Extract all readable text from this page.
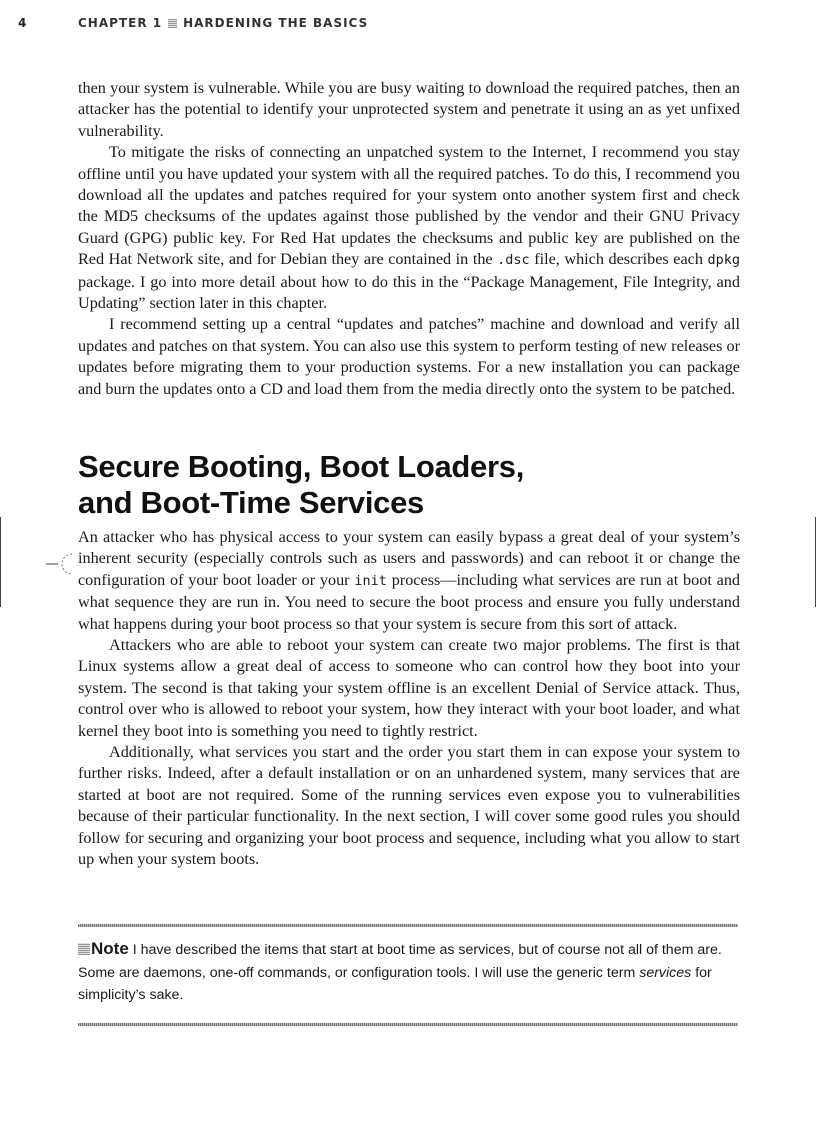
4	CHAPTER 1 HARDENING THE BASICS

then your system is vulnerable. While you are busy waiting to download the required patches, then an attacker has the potential to identify your unprotected system and penetrate it using an as yet unfixed vulnerability.

To mitigate the risks of connecting an unpatched system to the Internet, I recommend you stay offline until you have updated your system with all the required patches. To do this, I recommend you download all the updates and patches required for your system onto another system first and check the MD5 checksums of the updates against those published by the vendor and their GNU Privacy Guard (GPG) public key. For Red Hat updates the checksums and public key are published on the Red Hat Network site, and for Debian they are contained in the .dsc file, which describes each dpkg package. I go into more detail about how to do this in the “Package Management, File Integrity, and Updating” section later in this chapter.

I recommend setting up a central “updates and patches” machine and download and verify all updates and patches on that system. You can also use this system to perform testing of new releases or updates before migrating them to your production systems. For a new installation you can package and burn the updates onto a CD and load them from the media directly onto the system to be patched.

Secure Booting, Boot Loaders,
and Boot-Time Services

An attacker who has physical access to your system can easily bypass a great deal of your system’s inherent security (especially controls such as users and passwords) and can reboot it or change the configuration of your boot loader or your init process—including what services are run at boot and what sequence they are run in. You need to secure the boot process and ensure you fully understand what happens during your boot process so that your system is secure from this sort of attack.

Attackers who are able to reboot your system can create two major problems. The first is that Linux systems allow a great deal of access to someone who can control how they boot into your system. The second is that taking your system offline is an excellent Denial of Service attack. Thus, control over who is allowed to reboot your system, how they interact with your boot loader, and what kernel they boot into is something you need to tightly restrict.

Additionally, what services you start and the order you start them in can expose your system to further risks. Indeed, after a default installation or on an unhardened system, many services that are started at boot are not required. Some of the running services even expose you to vulnerabilities because of their particular functionality. In the next section, I will cover some good rules you should follow for securing and organizing your boot process and sequence, including what you allow to start up when your system boots.

Note I have described the items that start at boot time as services, but of course not all of them are. Some are daemons, one-off commands, or configuration tools. I will use the generic term services for simplicity’s sake.
